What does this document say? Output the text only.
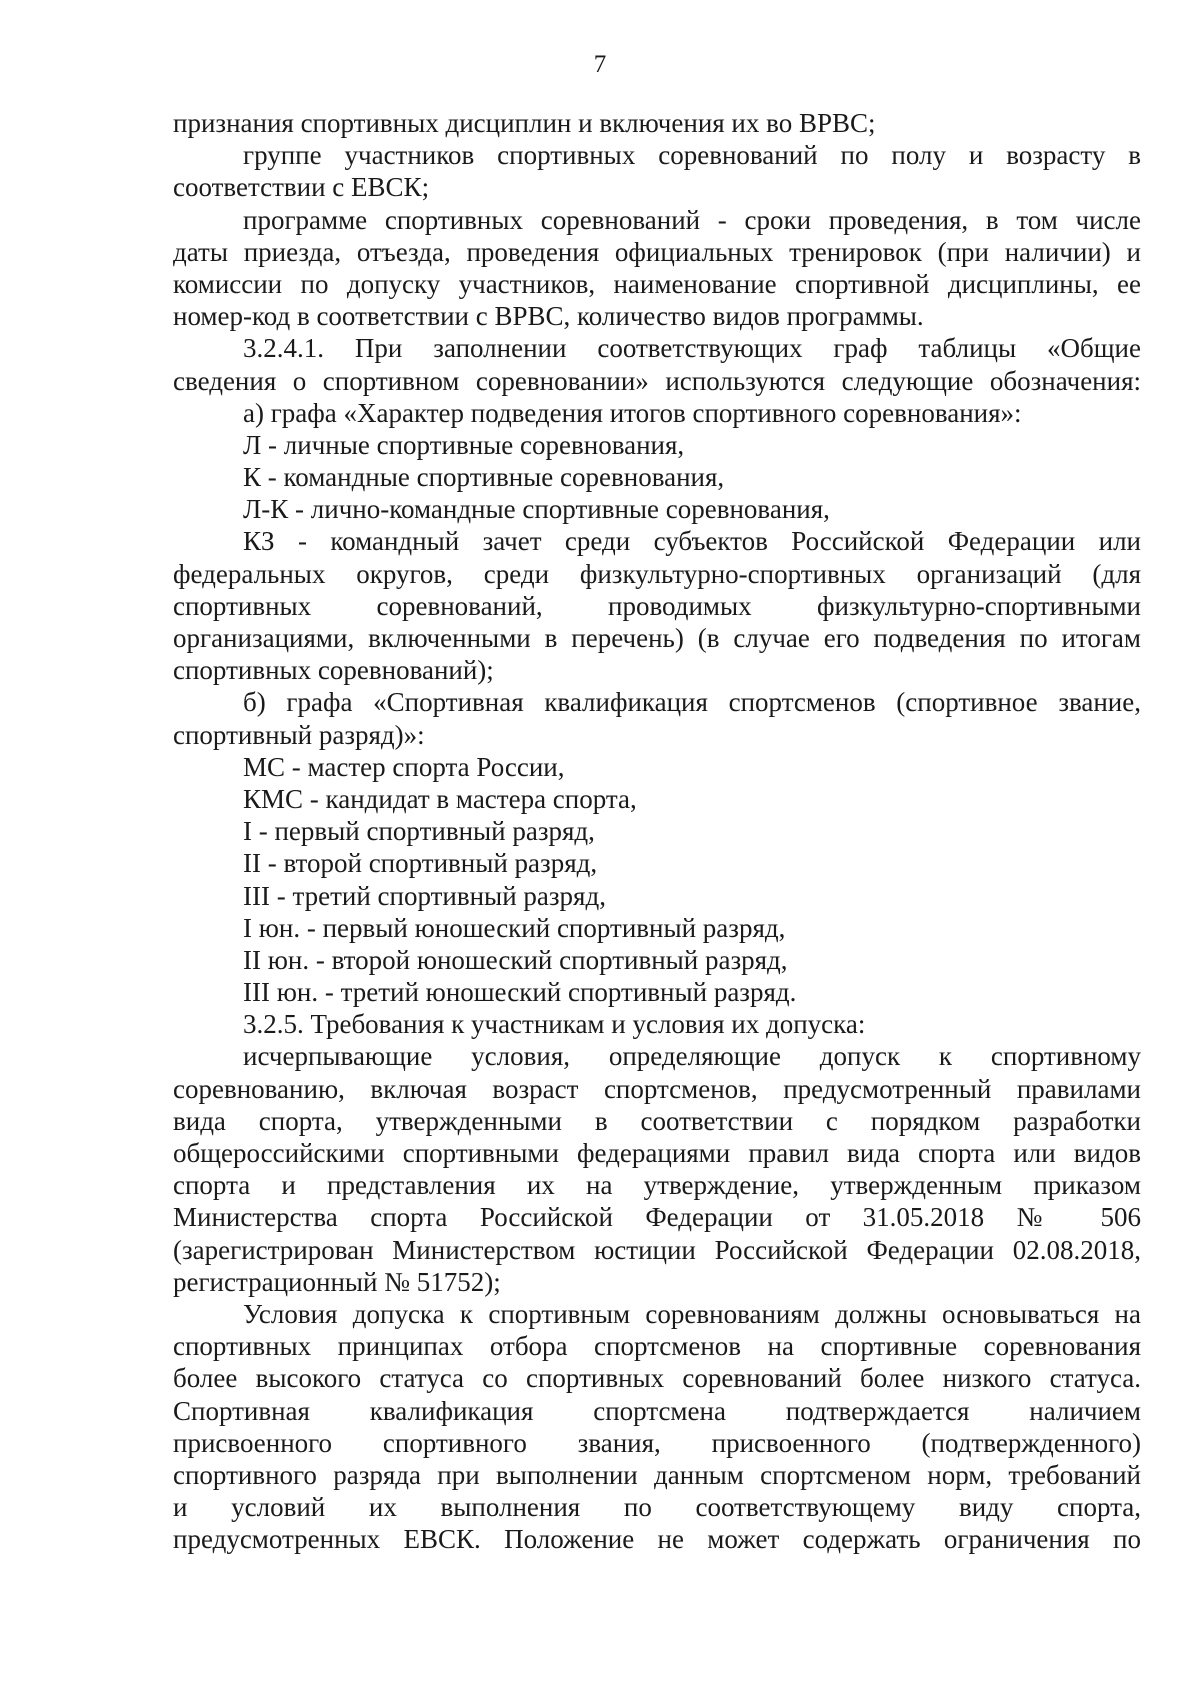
7
признания спортивных дисциплин и включения их во ВРВС;
группе участников спортивных соревнований по полу и возрасту в
соответствии с ЕВСК;
программе спортивных соревнований - сроки проведения, в том числе
даты приезда, отъезда, проведения официальных тренировок (при наличии) и
комиссии по допуску участников, наименование спортивной дисциплины, ее
номер-код в соответствии с ВРВС, количество видов программы.
3.2.4.1. При заполнении соответствующих граф таблицы «Общие
сведения о спортивном соревновании» используются следующие обозначения:
а) графа «Характер подведения итогов спортивного соревнования»:
Л - личные спортивные соревнования,
К - командные спортивные соревнования,
Л-К - лично-командные спортивные соревнования,
КЗ - командный зачет среди субъектов Российской Федерации или
федеральных округов, среди физкультурно-спортивных организаций (для
спортивных соревнований, проводимых физкультурно-спортивными
организациями, включенными в перечень) (в случае его подведения по итогам
спортивных соревнований);
б) графа «Спортивная квалификация спортсменов (спортивное звание,
спортивный разряд)»:
МС - мастер спорта России,
КМС - кандидат в мастера спорта,
I - первый спортивный разряд,
II - второй спортивный разряд,
III - третий спортивный разряд,
I юн. - первый юношеский спортивный разряд,
II юн. - второй юношеский спортивный разряд,
III юн. - третий юношеский спортивный разряд.
3.2.5. Требования к участникам и условия их допуска:
исчерпывающие условия, определяющие допуск к спортивному
соревнованию, включая возраст спортсменов, предусмотренный правилами
вида спорта, утвержденными в соответствии с порядком разработки
общероссийскими спортивными федерациями правил вида спорта или видов
спорта и представления их на утверждение, утвержденным приказом
Министерства спорта Российской Федерации от 31.05.2018 № 506
(зарегистрирован Министерством юстиции Российской Федерации 02.08.2018,
регистрационный № 51752);
Условия допуска к спортивным соревнованиям должны основываться на
спортивных принципах отбора спортсменов на спортивные соревнования
более высокого статуса со спортивных соревнований более низкого статуса.
Спортивная квалификация спортсмена подтверждается наличием
присвоенного спортивного звания, присвоенного (подтвержденного)
спортивного разряда при выполнении данным спортсменом норм, требований
и условий их выполнения по соответствующему виду спорта,
предусмотренных ЕВСК. Положение не может содержать ограничения по
